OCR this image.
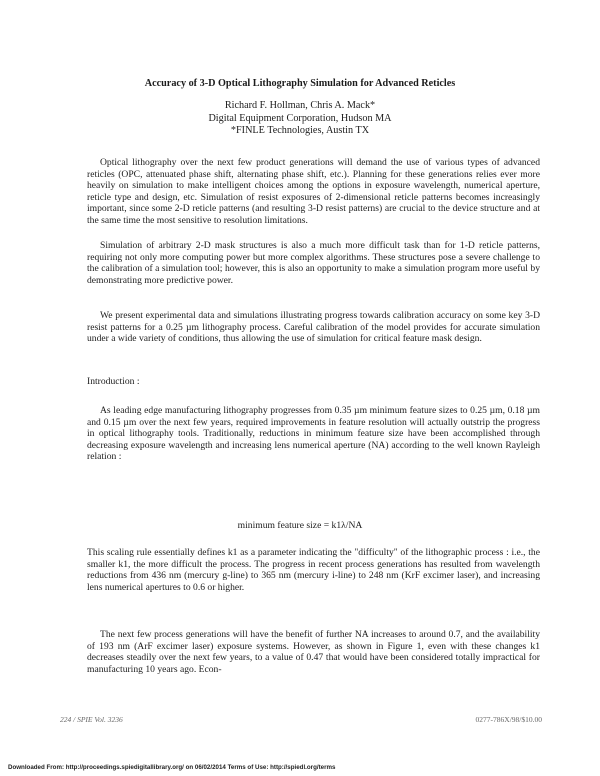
Accuracy of 3-D Optical Lithography Simulation for Advanced Reticles
Richard F. Hollman, Chris A. Mack*
Digital Equipment Corporation, Hudson MA
*FINLE Technologies, Austin TX

Optical lithography over the next few product generations will demand the use of various types of advanced reticles (OPC, attenuated phase shift, alternating phase shift, etc.). Planning for these generations relies ever more heavily on simulation to make intelligent choices among the options in exposure wavelength, numerical aperture, reticle type and design, etc. Simulation of resist exposures of 2-dimensional reticle patterns becomes increasingly important, since some 2-D reticle patterns (and resulting 3-D resist patterns) are crucial to the device structure and at the same time the most sensitive to resolution limitations.

Simulation of arbitrary 2-D mask structures is also a much more difficult task than for 1-D reticle patterns, requiring not only more computing power but more complex algorithms. These structures pose a severe challenge to the calibration of a simulation tool; however, this is also an opportunity to make a simulation program more useful by demonstrating more predictive power.

We present experimental data and simulations illustrating progress towards calibration accuracy on some key 3-D resist patterns for a 0.25 µm lithography process. Careful calibration of the model provides for accurate simulation under a wide variety of conditions, thus allowing the use of simulation for critical feature mask design.

Introduction :

As leading edge manufacturing lithography progresses from 0.35 µm minimum feature sizes to 0.25 µm, 0.18 µm and 0.15 µm over the next few years, required improvements in feature resolution will actually outstrip the progress in optical lithography tools. Traditionally, reductions in minimum feature size have been accomplished through decreasing exposure wavelength and increasing lens numerical aperture (NA) according to the well known Rayleigh relation :

minimum feature size = k1λ/NA

This scaling rule essentially defines k1 as a parameter indicating the "difficulty" of the lithographic process : i.e., the smaller k1, the more difficult the process. The progress in recent process generations has resulted from wavelength reductions from 436 nm (mercury g-line) to 365 nm (mercury i-line) to 248 nm (KrF excimer laser), and increasing lens numerical apertures to 0.6 or higher.

The next few process generations will have the benefit of further NA increases to around 0.7, and the availability of 193 nm (ArF excimer laser) exposure systems. However, as shown in Figure 1, even with these changes k1 decreases steadily over the next few years, to a value of 0.47 that would have been considered totally impractical for manufacturing 10 years ago. Econ-

224 / SPIE Vol. 3236	0277-786X/98/$10.00
Downloaded From: http://proceedings.spiedigitallibrary.org/ on 06/02/2014 Terms of Use: http://spiedl.org/terms
